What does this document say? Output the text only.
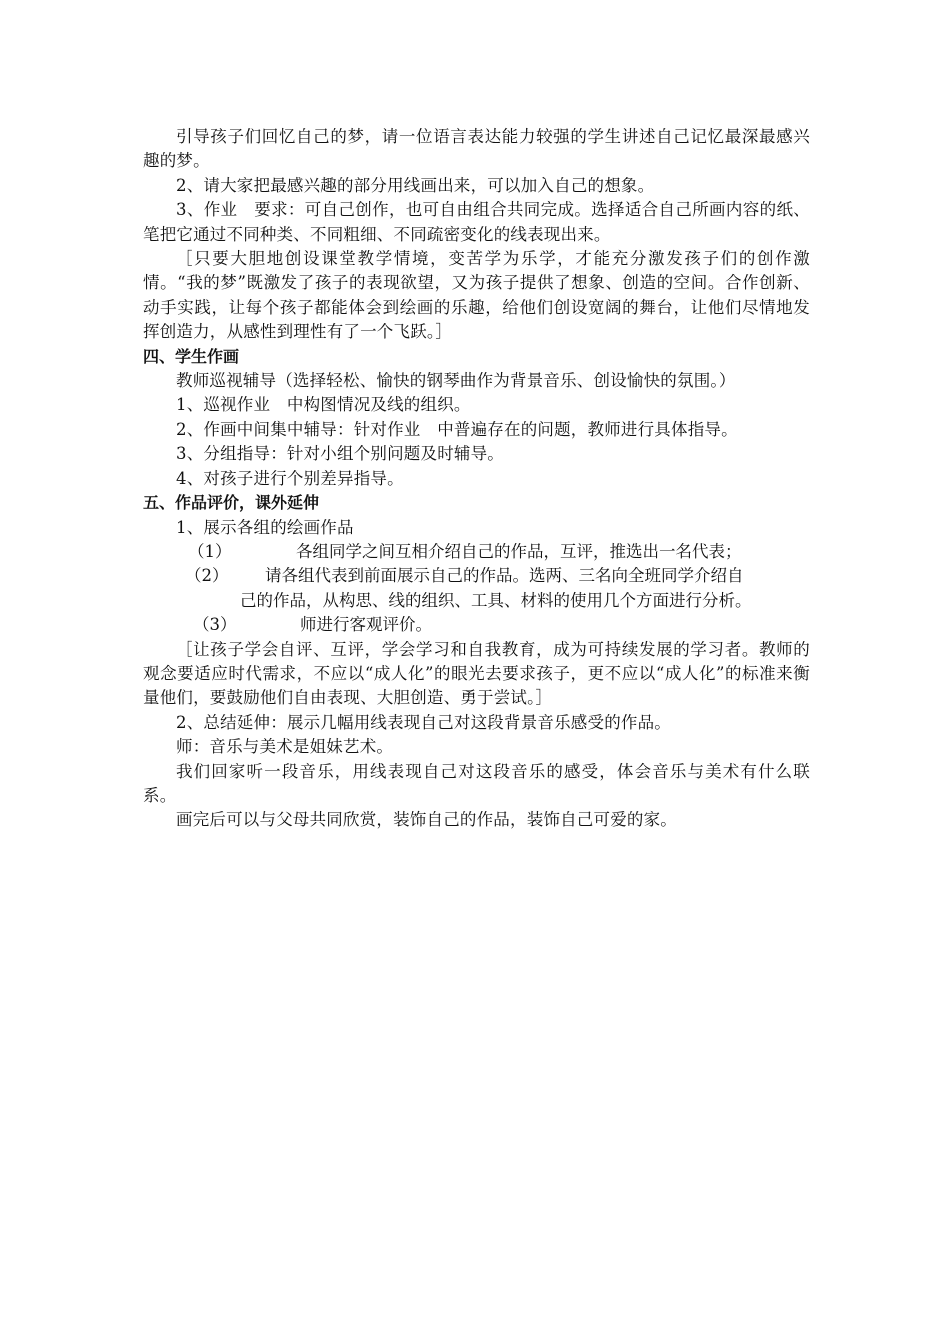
引导孩子们回忆自己的梦，请一位语言表达能力较强的学生讲述自己记忆最深最感兴趣的梦。

2、请大家把最感兴趣的部分用线画出来，可以加入自己的想象。

3、作业　要求：可自己创作，也可自由组合共同完成。选择适合自己所画内容的纸、笔把它通过不同种类、不同粗细、不同疏密变化的线表现出来。

［只要大胆地创设课堂教学情境，变苦学为乐学，才能充分激发孩子们的创作激情。“我的梦”既激发了孩子的表现欲望，又为孩子提供了想象、创造的空间。合作创新、动手实践，让每个孩子都能体会到绘画的乐趣，给他们创设宽阔的舞台，让他们尽情地发挥创造力，从感性到理性有了一个飞跃。］

四、学生作画

教师巡视辅导（选择轻松、愉快的钢琴曲作为背景音乐、创设愉快的氛围。）

1、巡视作业　中构图情况及线的组织。

2、作画中间集中辅导：针对作业　中普遍存在的问题，教师进行具体指导。

3、分组指导：针对小组个别问题及时辅导。

4、对孩子进行个别差异指导。

五、作品评价，课外延伸

1、展示各组的绘画作品

（1）	各组同学之间互相介绍自己的作品，互评，推选出一名代表；
（2）	请各组代表到前面展示自己的作品。选两、三名向全班同学介绍自
己的作品，从构思、线的组织、工具、材料的使用几个方面进行分析。
（3）	师进行客观评价。

［让孩子学会自评、互评，学会学习和自我教育，成为可持续发展的学习者。教师的观念要适应时代需求，不应以“成人化”的眼光去要求孩子，更不应以“成人化”的标准来衡量他们，要鼓励他们自由表现、大胆创造、勇于尝试。］

2、总结延伸：展示几幅用线表现自己对这段背景音乐感受的作品。

师：音乐与美术是姐妹艺术。

我们回家听一段音乐，用线表现自己对这段音乐的感受，体会音乐与美术有什么联系。

画完后可以与父母共同欣赏，装饰自己的作品，装饰自己可爱的家。
